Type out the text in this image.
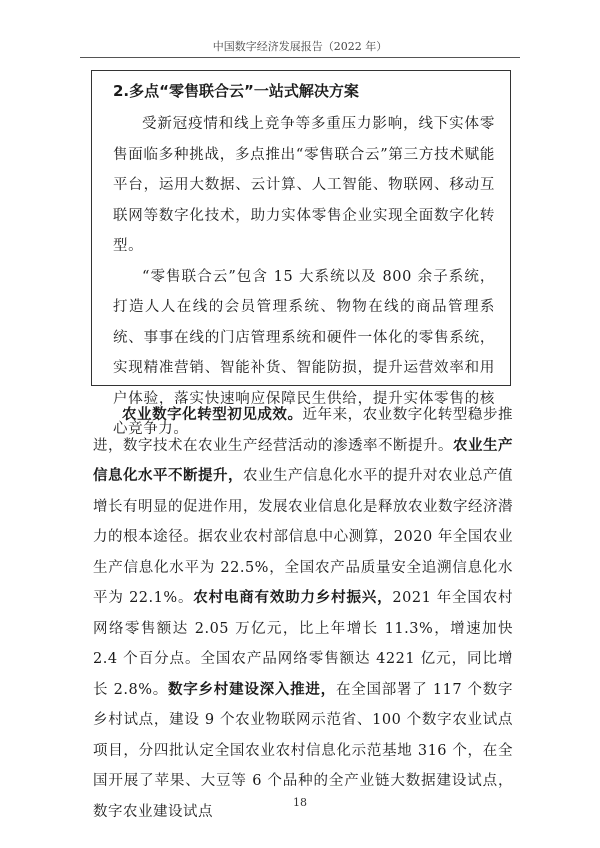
中国数字经济发展报告（2022 年）
2.多点“零售联合云”一站式解决方案

受新冠疫情和线上竞争等多重压力影响，线下实体零售面临多种挑战，多点推出“零售联合云”第三方技术赋能平台，运用大数据、云计算、人工智能、物联网、移动互联网等数字化技术，助力实体零售企业实现全面数字化转型。

“零售联合云”包含 15 大系统以及 800 余子系统，打造人人在线的会员管理系统、物物在线的商品管理系统、事事在线的门店管理系统和硬件一体化的零售系统，实现精准营销、智能补货、智能防损，提升运营效率和用户体验，落实快速响应保障民生供给，提升实体零售的核心竞争力。

农业数字化转型初见成效。近年来，农业数字化转型稳步推进，数字技术在农业生产经营活动的渗透率不断提升。农业生产信息化水平不断提升，农业生产信息化水平的提升对农业总产值增长有明显的促进作用，发展农业信息化是释放农业数字经济潜力的根本途径。据农业农村部信息中心测算，2020 年全国农业生产信息化水平为 22.5%，全国农产品质量安全追溯信息化水平为 22.1%。农村电商有效助力乡村振兴，2021 年全国农村网络零售额达 2.05 万亿元，比上年增长 11.3%，增速加快 2.4 个百分点。全国农产品网络零售额达 4221 亿元，同比增长 2.8%。数字乡村建设深入推进，在全国部署了 117 个数字乡村试点，建设 9 个农业物联网示范省、100 个数字农业试点项目，分四批认定全国农业农村信息化示范基地 316 个，在全国开展了苹果、大豆等 6 个品种的全产业链大数据建设试点，数字农业建设试点

18
